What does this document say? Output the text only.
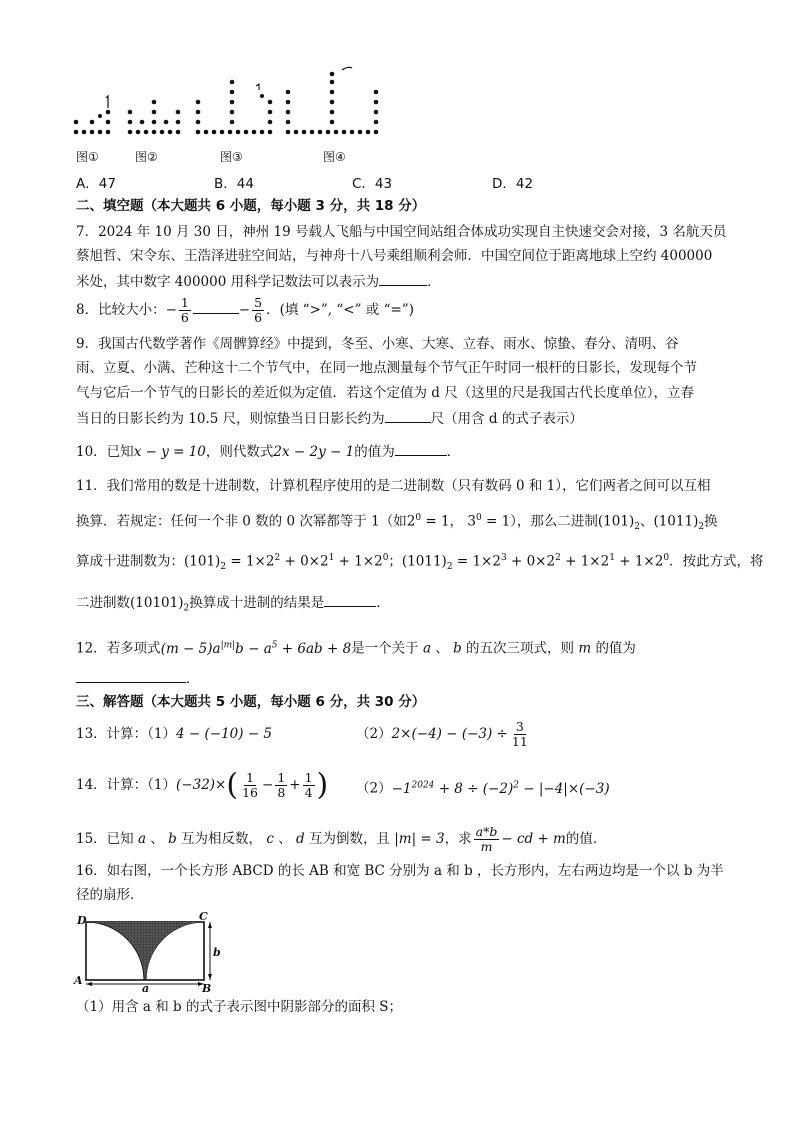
图①	图②	图③	图④
A．47	B．44	C．43	D．42
二、填空题（本大题共 6 小题，每小题 3 分，共 18 分）
7．2024 年 10 月 30 日，神州 19 号载人飞船与中国空间站组合体成功实现自主快速交会对接，3 名航天员
蔡旭哲、宋令东、王浩泽进驻空间站，与神舟十八号乘组顺利会师．中国空间位于距离地球上空约 400000
米处，其中数字 400000 用科学记数法可以表示为	．
8．比较大小：− $\frac{1}{6}$	− $\frac{5}{6}$ ．(填 “>”, “<” 或 “=”)
9．我国古代数学著作《周髀算经》中提到，冬至、小寒、大寒、立春、雨水、惊蛰、春分、清明、谷
雨、立夏、小满、芒种这十二个节气中，在同一地点测量每个节气正午时同一根杆的日影长，发现每个节
气与它后一个节气的日影长的差近似为定值．若这个定值为 d 尺（这里的尺是我国古代长度单位），立春
当日的日影长约为 10.5 尺，则惊蛰当日日影长约为	尺（用含 d 的式子表示）
10．已知x − y = 10，则代数式2x − 2y − 1的值为	．
11．我们常用的数是十进制数，计算机程序使用的是二进制数（只有数码 0 和 1），它们两者之间可以互相
换算．若规定：任何一个非 0 数的 0 次幂都等于 1（如$2^0 = 1$， $3^0 = 1$），那么二进制$(101)_2$、$(1011)_2$换
算成十进制数为：$(101)_2 = 1\times 2^2 + 0\times 2^1 + 1\times 2^0$；$(1011)_2 = 1\times 2^3 + 0\times 2^2 + 1\times 2^1 + 1\times 2^0$．按此方式，将
二进制数$(10101)_2$换算成十进制的结果是	．
12．若多项式$(m - 5)a^{|m|}b - a^5 + 6ab + 8$是一个关于 a 、 b 的五次三项式，则 m 的值为
．
三、解答题（本大题共 5 小题，每小题 6 分，共 30 分）
13．计算：（1）4 − (−10) − 5	$(2)2\times(-4) - (-3) \div \frac{3}{11}$
14．计算：$(1)(-32)\times( \frac{1}{16} - \frac{1}{8} + \frac{1}{4}$ ) $(2)-1^{2024} + 8 \div (-2)^2 - |-4|\times(-3)$
15．已知 a 、 b 互为相反数， c 、 d 互为倒数，且 |m| = 3，求 $\frac{a*b}{m}$ − cd + m的值．
16．如右图，一个长方形 ABCD 的长 AB 和宽 BC 分别为 a 和 b ，长方形内，左右两边均是一个以 b 为半
径的扇形．
D	C
A
B
a
b
（1）用含 a 和 b 的式子表示图中阴影部分的面积 S；
